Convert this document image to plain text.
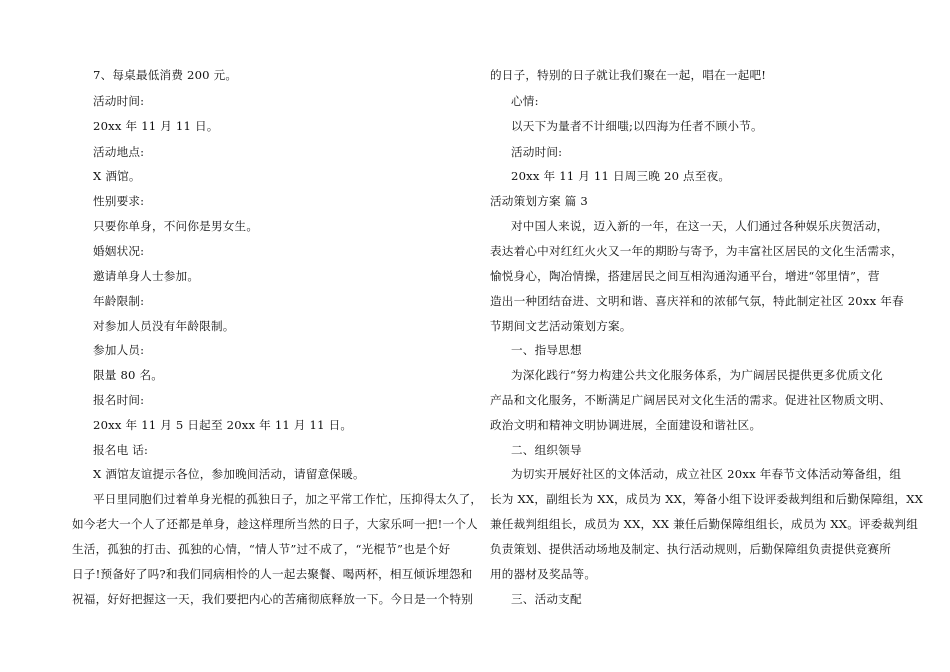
7、每桌最低消费 200 元。
活动时间:
20xx 年 11 月 11 日。
活动地点:
X 酒馆。
性别要求:
只要你单身，不问你是男女生。
婚姻状况:
邀请单身人士参加。
年龄限制:
对参加人员没有年龄限制。
参加人员:
限量 80 名。
报名时间:
20xx 年 11 月 5 日起至 20xx 年 11 月 11 日。
报名电 话:
X 酒馆友谊提示各位，参加晚间活动，请留意保暖。
平日里同胞们过着单身光棍的孤独日子，加之平常工作忙，压抑得太久了，
如今老大一个人了还都是单身，趁这样理所当然的日子，大家乐呵一把!一个人
生活，孤独的打击、孤独的心情，“情人节”过不成了，“光棍节”也是个好
日子!预备好了吗?和我们同病相怜的人一起去聚餐、喝两杯，相互倾诉埋怨和
祝福，好好把握这一天，我们要把内心的苦痛彻底释放一下。今日是一个特别
的日子，特别的日子就让我们聚在一起，唱在一起吧!
心情:
以天下为量者不计细嗤;以四海为任者不顾小节。
活动时间:
20xx 年 11 月 11 日周三晚 20 点至夜。
活动策划方案 篇 3
对中国人来说，迈入新的一年，在这一天，人们通过各种娱乐庆贺活动，
表达着心中对红红火火又一年的期盼与寄予，为丰富社区居民的文化生活需求，
愉悦身心，陶冶情操，搭建居民之间互相沟通沟通平台，增进“邻里情”，营
造出一种团结奋进、文明和谐、喜庆祥和的浓郁气氛，特此制定社区 20xx 年春
节期间文艺活动策划方案。
一、指导思想
为深化践行“努力构建公共文化服务体系，为广阔居民提供更多优质文化
产品和文化服务，不断满足广阔居民对文化生活的需求。促进社区物质文明、
政治文明和精神文明协调进展，全面建设和谐社区。
二、组织领导
为切实开展好社区的文体活动，成立社区 20xx 年春节文体活动筹备组，组
长为 XX，副组长为 XX，成员为 XX，筹备小组下设评委裁判组和后勤保障组，XX
兼任裁判组组长，成员为 XX，XX 兼任后勤保障组组长，成员为 XX。评委裁判组
负责策划、提供活动场地及制定、执行活动规则，后勤保障组负责提供竞赛所
用的器材及奖品等。
三、活动支配
